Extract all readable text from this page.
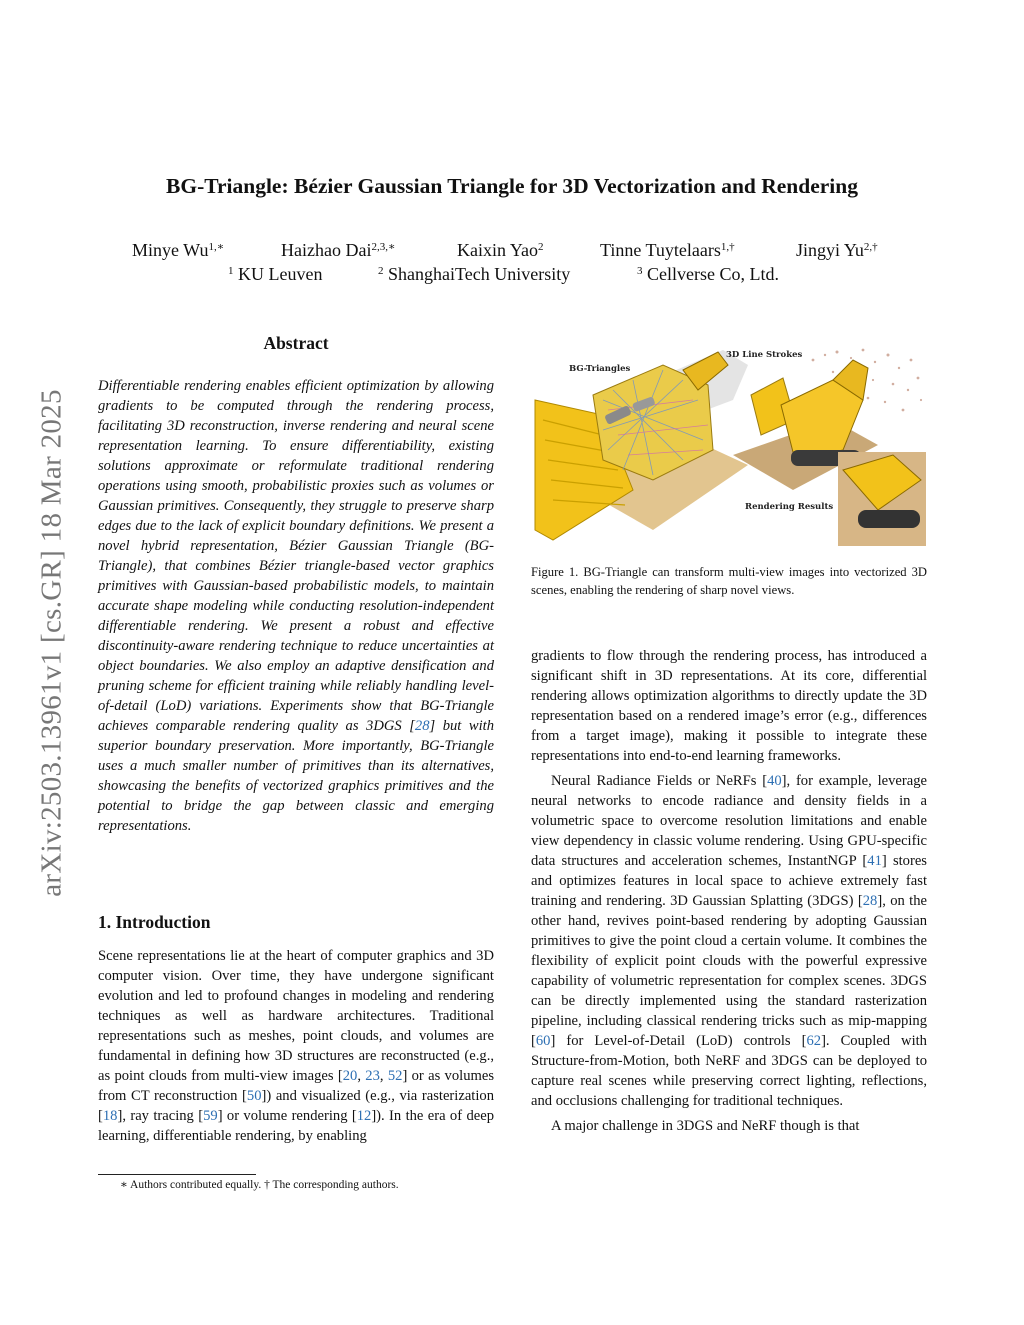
BG-Triangle: Bézier Gaussian Triangle for 3D Vectorization and Rendering
Minye $Wu^{1,∗}$	Haizhao Dai$^{2,3,∗}$	Kaixin Yao$^2$	Tinne Tuytelaars$^{1,\dagger}$	Jingyi $Yu^{2,\dagger}$
$^1$ KU Leuven	$^2$ ShanghaiTech University	$^3$ Cellverse Co, Ltd.
arXiv:2503.13961v1 [cs.GR] 18 Mar 2025
Abstract

Differentiable rendering enables efficient optimization by allowing gradients to be computed through the rendering process, facilitating 3D reconstruction, inverse rendering and neural scene representation learning. To ensure differentiability, existing solutions approximate or reformulate traditional rendering operations using smooth, probabilistic proxies such as volumes or Gaussian primitives. Consequently, they struggle to preserve sharp edges due to the lack of explicit boundary definitions. We present a novel hybrid representation, Bézier Gaussian Triangle (BG-Triangle), that combines Bézier triangle-based vector graphics primitives with Gaussian-based probabilistic models, to maintain accurate shape modeling while conducting resolution-independent differentiable rendering. We present a robust and effective discontinuity-aware rendering technique to reduce uncertainties at object boundaries. We also employ an adaptive densification and pruning scheme for efficient training while reliably handling level-of-detail (LoD) variations. Experiments show that BG-Triangle achieves comparable rendering quality as 3DGS [28] but with superior boundary preservation. More importantly, BG-Triangle uses a much smaller number of primitives than its alternatives, showcasing the benefits of vectorized graphics primitives and the potential to bridge the gap between classic and emerging representations.

1. Introduction

Scene representations lie at the heart of computer graphics and 3D computer vision. Over time, they have undergone significant evolution and led to profound changes in modeling and rendering techniques as well as hardware architectures. Traditional representations such as meshes, point clouds, and volumes are fundamental in defining how 3D structures are reconstructed (e.g., as point clouds from multi-view images [20, 23, 52] or as volumes from CT reconstruction [50]) and visualized (e.g., via rasterization [18], ray tracing [59] or volume rendering [12]). In the era of deep learning, differentiable rendering, by enabling

∗ Authors contributed equally. † The corresponding authors.
BG-Triangles
3D Line Strokes
Rendering Results
Figure 1. BG-Triangle can transform multi-view images into vectorized 3D scenes, enabling the rendering of sharp novel views.

gradients to flow through the rendering process, has introduced a significant shift in 3D representations. At its core, differential rendering allows optimization algorithms to directly update the 3D representation based on a rendered image’s error (e.g., differences from a target image), making it possible to integrate these representations into end-to-end learning frameworks.

Neural Radiance Fields or NeRFs [40], for example, leverage neural networks to encode radiance and density fields in a volumetric space to overcome resolution limitations and enable view dependency in classic volume rendering. Using GPU-specific data structures and acceleration schemes, InstantNGP [41] stores and optimizes features in local space to achieve extremely fast training and rendering. 3D Gaussian Splatting (3DGS) [28], on the other hand, revives point-based rendering by adopting Gaussian primitives to give the point cloud a certain volume. It combines the flexibility of explicit point clouds with the powerful expressive capability of volumetric representation for complex scenes. 3DGS can be directly implemented using the standard rasterization pipeline, including classical rendering tricks such as mip-mapping [60] for Level-of-Detail (LoD) controls [62]. Coupled with Structure-from-Motion, both NeRF and 3DGS can be deployed to capture real scenes while preserving correct lighting, reflections, and occlusions challenging for traditional techniques.

A major challenge in 3DGS and NeRF though is that
